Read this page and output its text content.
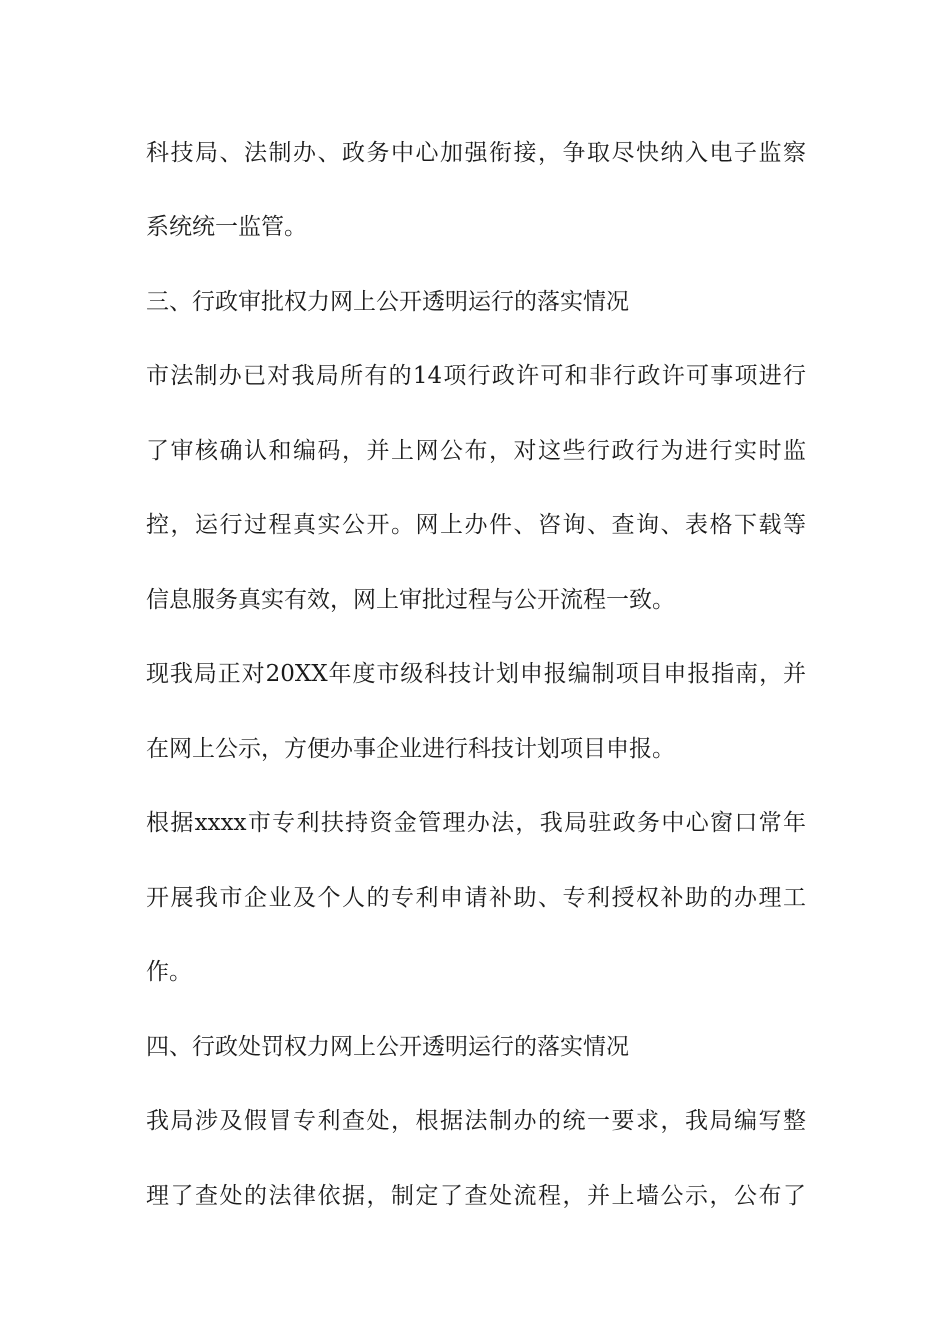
科技局、法制办、政务中心加强衔接，争取尽快纳入电子监察
系统统一监管。
三、行政审批权力网上公开透明运行的落实情况
市法制办已对我局所有的14项行政许可和非行政许可事项进行
了审核确认和编码，并上网公布，对这些行政行为进行实时监
控，运行过程真实公开。网上办件、咨询、查询、表格下载等
信息服务真实有效，网上审批过程与公开流程一致。
现我局正对20XX年度市级科技计划申报编制项目申报指南，并
在网上公示，方便办事企业进行科技计划项目申报。
根据xxxx市专利扶持资金管理办法，我局驻政务中心窗口常年
开展我市企业及个人的专利申请补助、专利授权补助的办理工
作。
四、行政处罚权力网上公开透明运行的落实情况
我局涉及假冒专利查处，根据法制办的统一要求，我局编写整
理了查处的法律依据，制定了查处流程，并上墙公示，公布了
